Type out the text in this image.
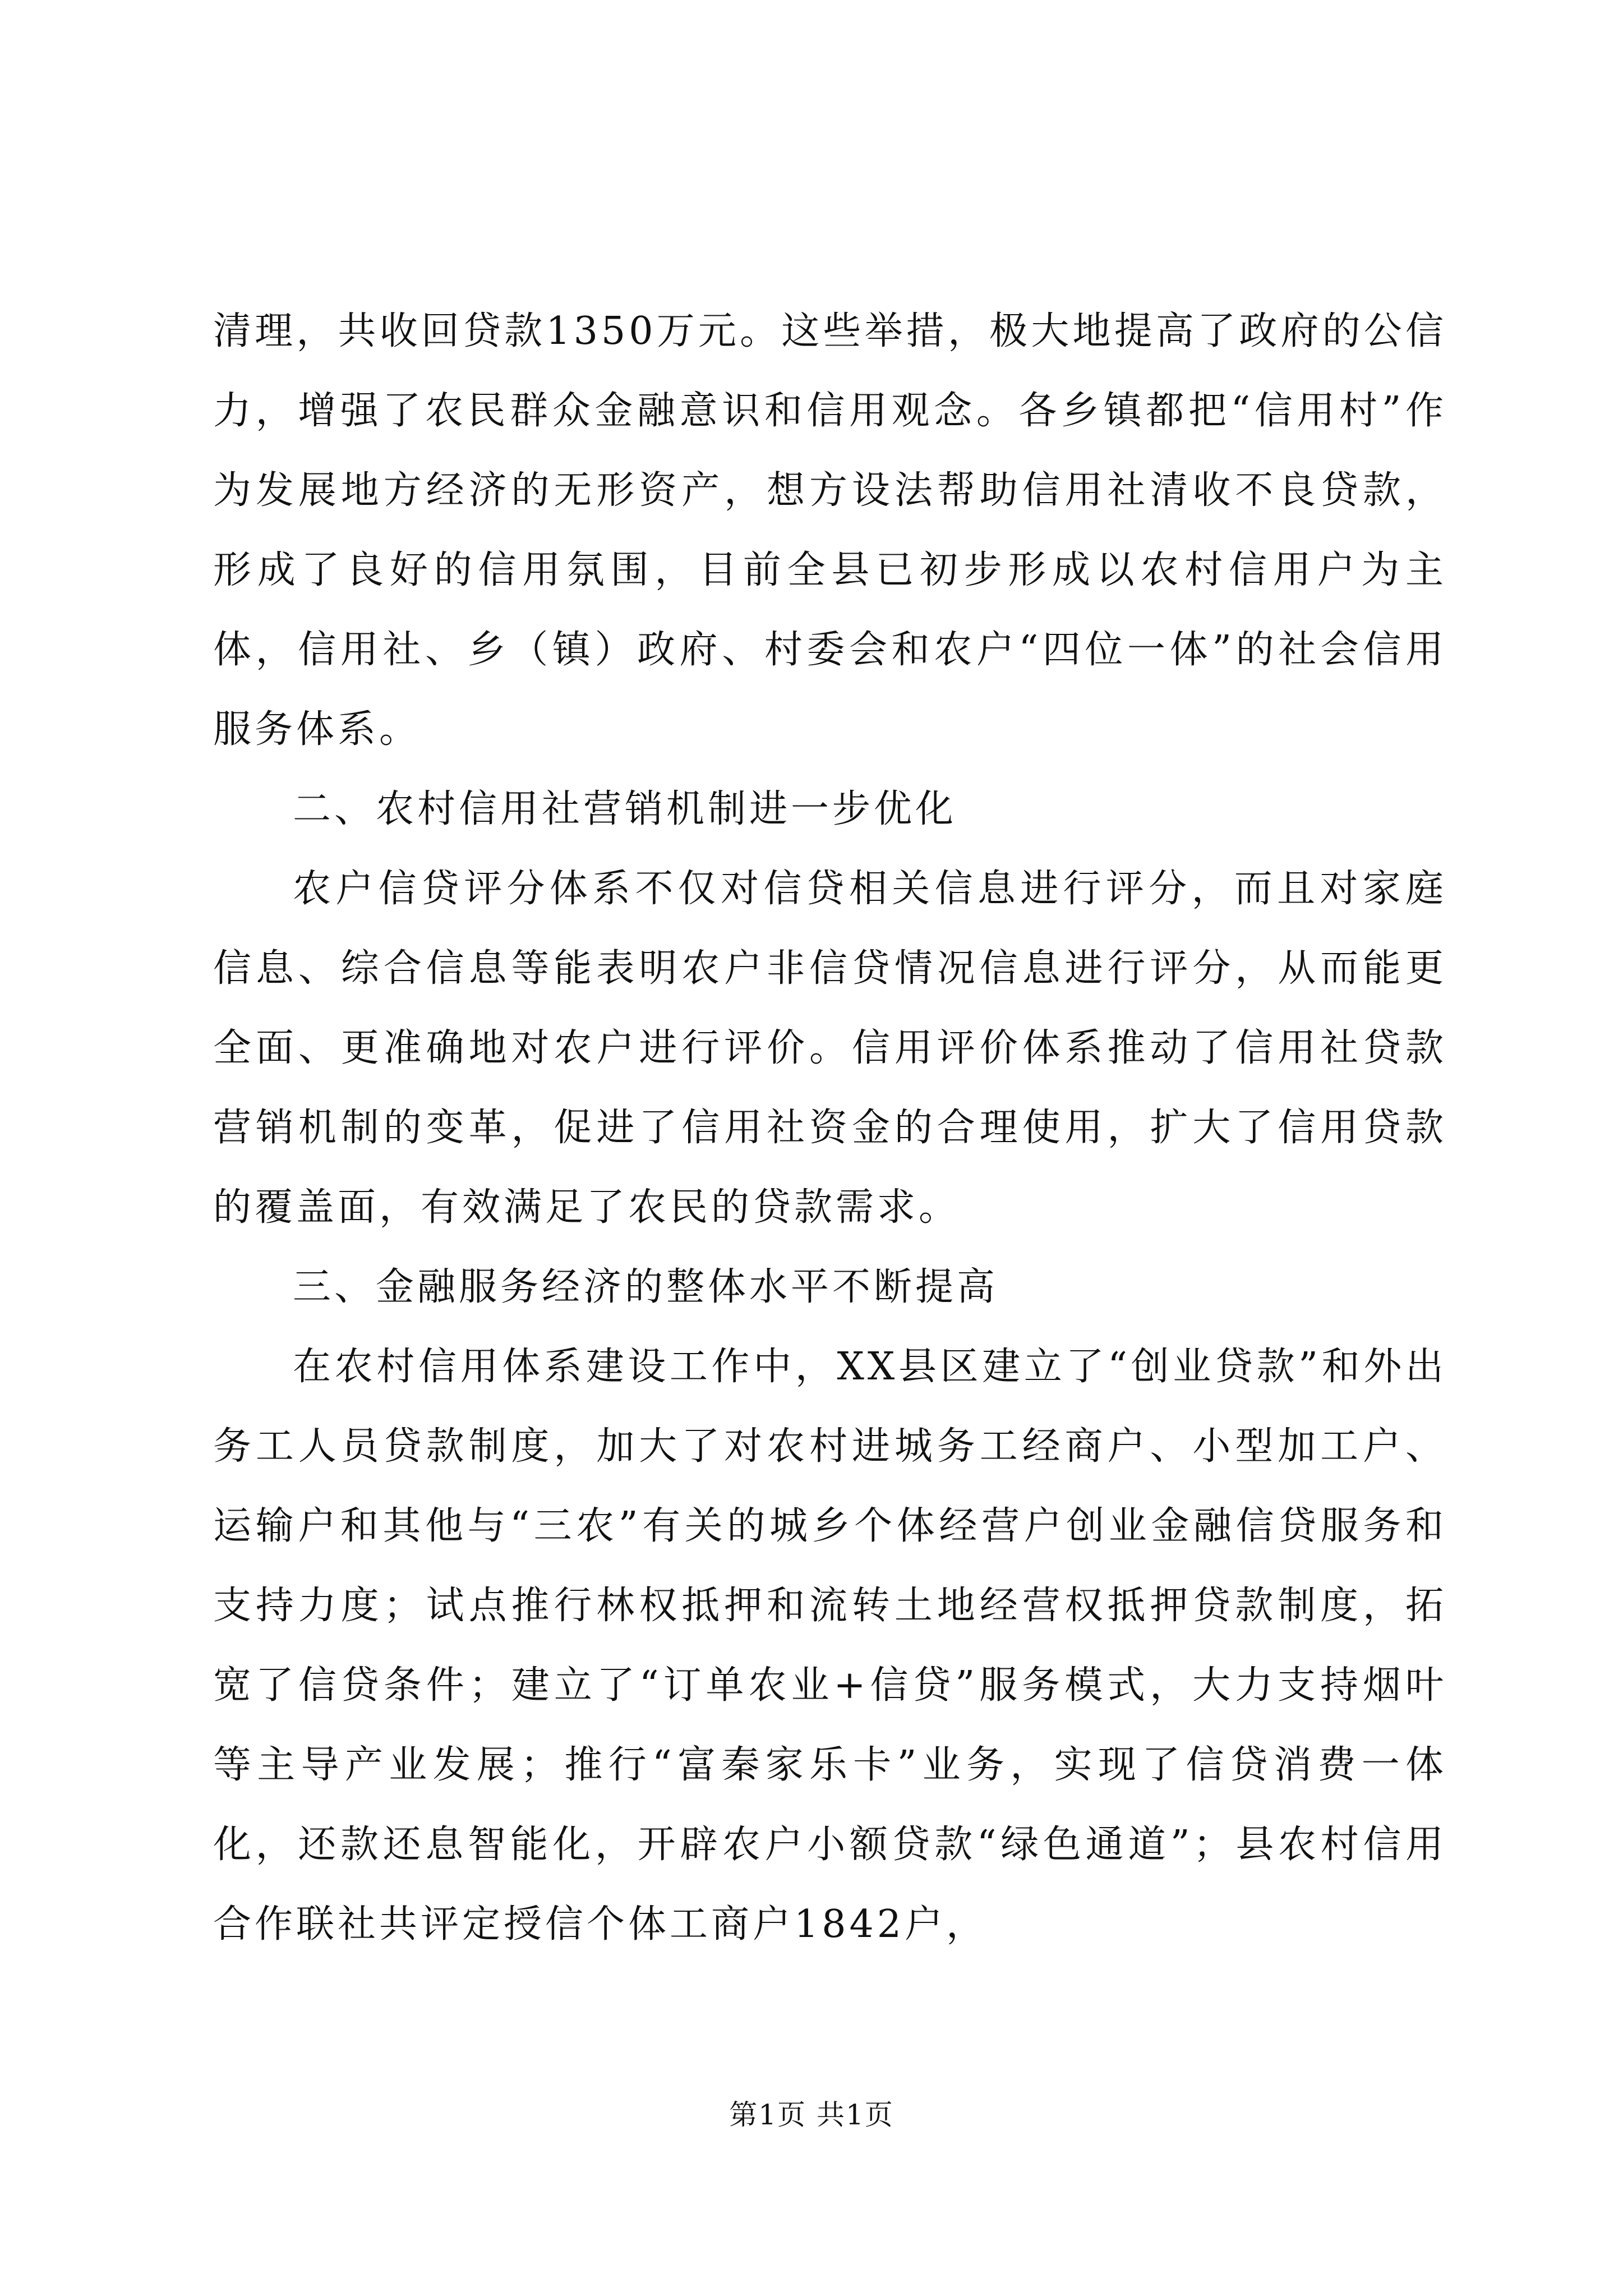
清理，共收回贷款1350万元。这些举措，极大地提高了政府的公信力，增强了农民群众金融意识和信用观念。各乡镇都把“信用村”作为发展地方经济的无形资产，想方设法帮助信用社清收不良贷款，形成了良好的信用氛围，目前全县已初步形成以农村信用户为主体，信用社、乡（镇）政府、村委会和农户“四位一体”的社会信用服务体系。

二、农村信用社营销机制进一步优化

农户信贷评分体系不仅对信贷相关信息进行评分，而且对家庭信息、综合信息等能表明农户非信贷情况信息进行评分，从而能更全面、更准确地对农户进行评价。信用评价体系推动了信用社贷款营销机制的变革，促进了信用社资金的合理使用，扩大了信用贷款的覆盖面，有效满足了农民的贷款需求。

三、金融服务经济的整体水平不断提高

在农村信用体系建设工作中，XX县区建立了“创业贷款”和外出务工人员贷款制度，加大了对农村进城务工经商户、小型加工户、运输户和其他与“三农”有关的城乡个体经营户创业金融信贷服务和支持力度；试点推行林权抵押和流转土地经营权抵押贷款制度，拓宽了信贷条件；建立了“订单农业+信贷”服务模式，大力支持烟叶等主导产业发展；推行“富秦家乐卡”业务，实现了信贷消费一体化，还款还息智能化，开辟农户小额贷款“绿色通道”；县农村信用合作联社共评定授信个体工商户1842户，

第1页 共1页
